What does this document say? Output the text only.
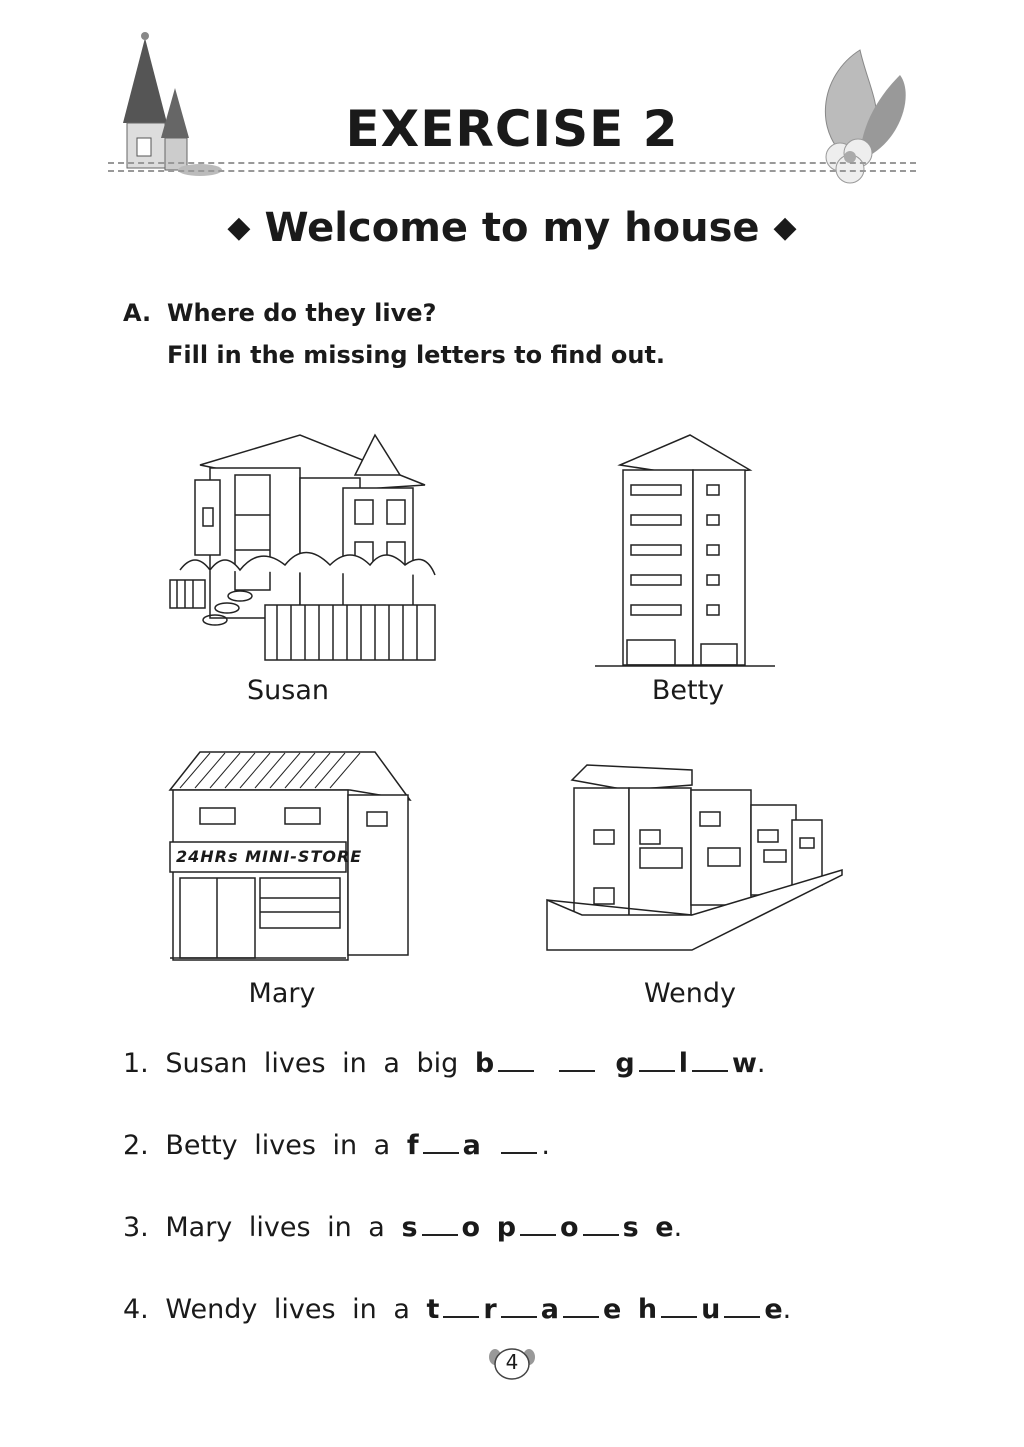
EXERCISE 2
◆ Welcome to my house ◆
A. Where do they live?
Fill in the missing letters to find out.
Susan	Betty
24HRs MINI-STORE
Mary	Wendy
1. Susan lives in a big b	g l w.
2. Betty lives in a f a .
3. Mary lives in a s o p o s e.
4. Wendy lives in a t r a e h u e.
4
